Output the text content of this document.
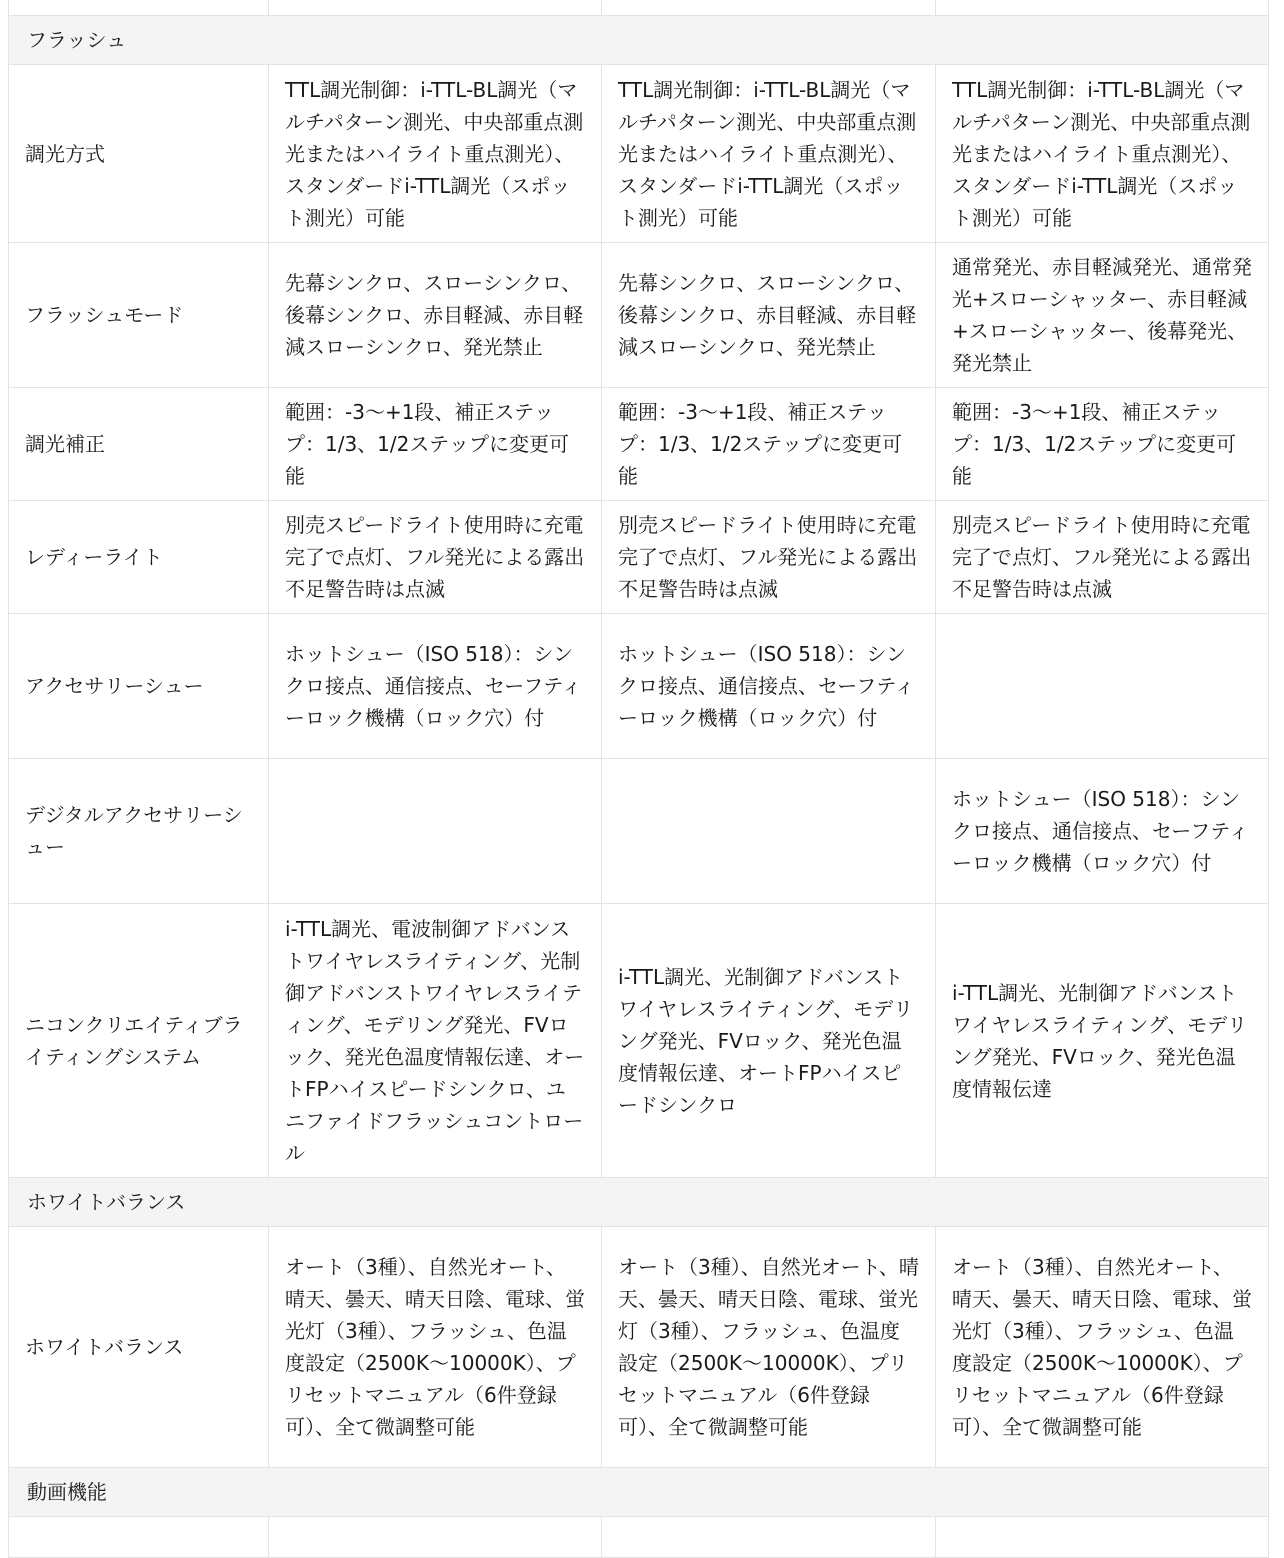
フラッシュ			
調光方式	TTL調光制御：i-TTL-BL調光（マルチパターン測光、中央部重点測光またはハイライト重点測光）、スタンダードi-TTL調光（スポット測光）可能	TTL調光制御：i-TTL-BL調光（マルチパターン測光、中央部重点測光またはハイライト重点測光）、スタンダードi-TTL調光（スポット測光）可能	TTL調光制御：i-TTL-BL調光（マルチパターン測光、中央部重点測光またはハイライト重点測光）、スタンダードi-TTL調光（スポット測光）可能
フラッシュモード	先幕シンクロ、スローシンクロ、後幕シンクロ、赤目軽減、赤目軽減スローシンクロ、発光禁止	先幕シンクロ、スローシンクロ、後幕シンクロ、赤目軽減、赤目軽減スローシンクロ、発光禁止	通常発光、赤目軽減発光、通常発光+スローシャッター、赤目軽減+スローシャッター、後幕発光、発光禁止
調光補正	範囲：-3〜+1段、補正ステップ：1/3、1/2ステップに変更可能	範囲：-3〜+1段、補正ステップ：1/3、1/2ステップに変更可能	範囲：-3〜+1段、補正ステップ：1/3、1/2ステップに変更可能
レディーライト	別売スピードライト使用時に充電完了で点灯、フル発光による露出不足警告時は点滅	別売スピードライト使用時に充電完了で点灯、フル発光による露出不足警告時は点滅	別売スピードライト使用時に充電完了で点灯、フル発光による露出不足警告時は点滅
アクセサリーシュー	ホットシュー（ISO 518）：シンクロ接点、通信接点、セーフティーロック機構（ロック穴）付	ホットシュー（ISO 518）：シンクロ接点、通信接点、セーフティーロック機構（ロック穴）付	
デジタルアクセサリーシュー			ホットシュー（ISO 518）：シンクロ接点、通信接点、セーフティーロック機構（ロック穴）付
ニコンクリエイティブライティングシステム	i-TTL調光、電波制御アドバンストワイヤレスライティング、光制御アドバンストワイヤレスライティング、モデリング発光、FVロック、発光色温度情報伝達、オートFPハイスピードシンクロ、ユニファイドフラッシュコントロール	i-TTL調光、光制御アドバンストワイヤレスライティング、モデリング発光、FVロック、発光色温度情報伝達、オートFPハイスピードシンクロ	i-TTL調光、光制御アドバンストワイヤレスライティング、モデリング発光、FVロック、発光色温度情報伝達
ホワイトバランス			
ホワイトバランス	オート（3種）、自然光オート、晴天、曇天、晴天日陰、電球、蛍光灯（3種）、フラッシュ、色温度設定（2500K〜10000K）、プリセットマニュアル（6件登録可）、全て微調整可能	オート（3種）、自然光オート、晴天、曇天、晴天日陰、電球、蛍光灯（3種）、フラッシュ、色温度設定（2500K〜10000K）、プリセットマニュアル（6件登録可）、全て微調整可能	オート（3種）、自然光オート、晴天、曇天、晴天日陰、電球、蛍光灯（3種）、フラッシュ、色温度設定（2500K〜10000K）、プリセットマニュアル（6件登録可）、全て微調整可能
動画機能			
